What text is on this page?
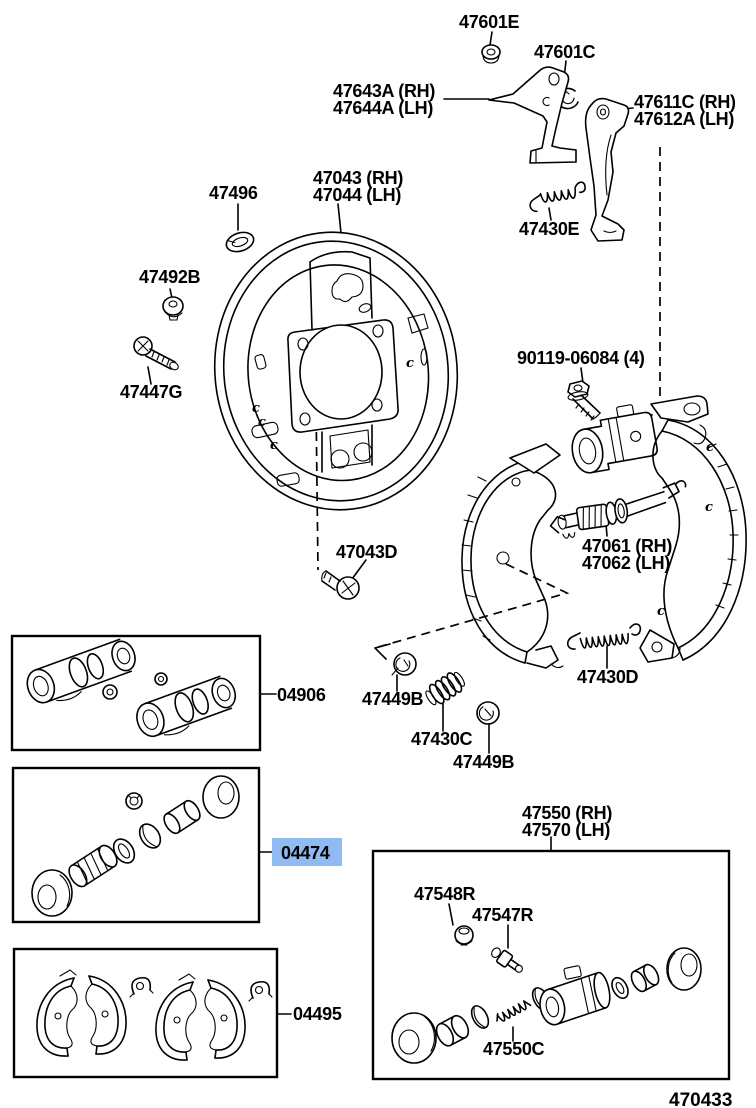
c
c
c
c
c
c
c
47601E
47601C
47643A (RH)
47644A (LH)	47611C (RH)
47612A (LH)
47496
47043 (RH)
47044 (LH)
47430E
47492B
47447G
90119-06084 (4)
47043D	47061 (RH)
47062 (LH)
04906 47449B
47430C
47449B
47430D
47550 (RH)
47570 (LH)
47548R
47547R
47550C
04495
04474
470433
